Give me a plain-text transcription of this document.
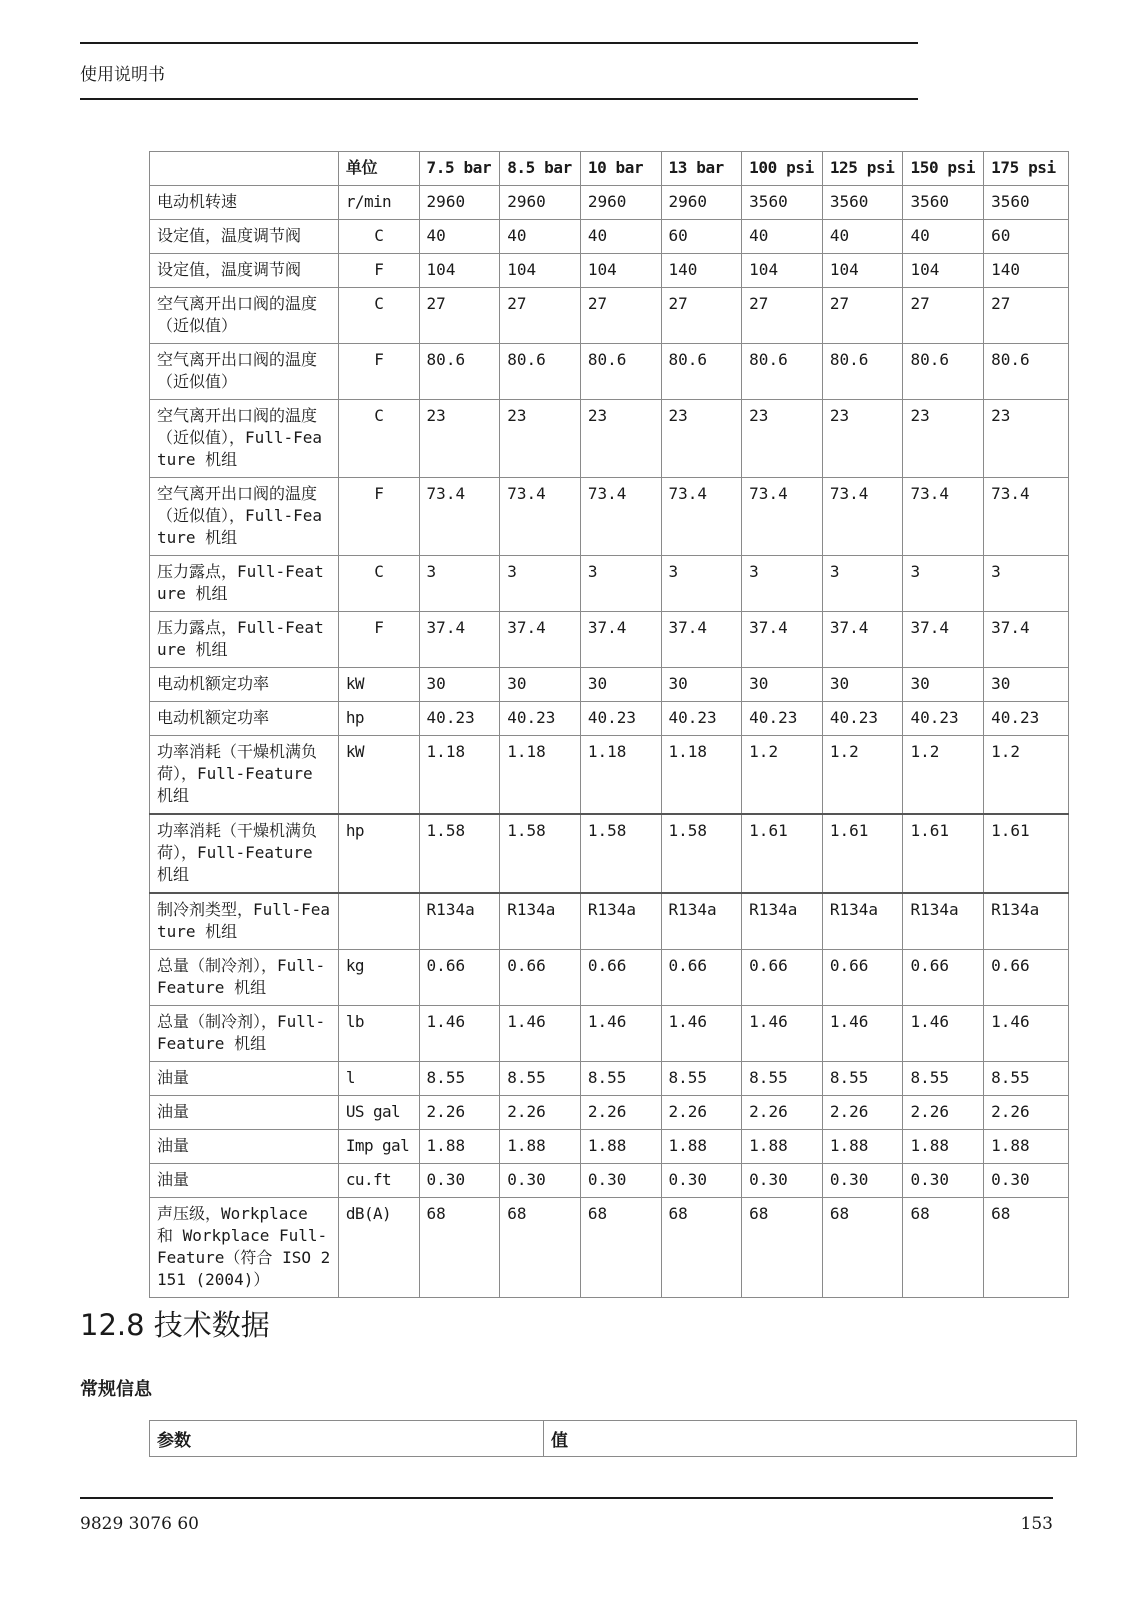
使用说明书
	单位	7.5 bar	8.5 bar	10 bar	13 bar	100 psi	125 psi	150 psi	175 psi
电动机转速	r/min	2960	2960	2960	2960	3560	3560	3560	3560
设定值，温度调节阀	C	40	40	40	60	40	40	40	60
设定值，温度调节阀	F	104	104	104	140	104	104	104	140
空气离开出口阀的温度（近似值）	C	27	27	27	27	27	27	27	27
空气离开出口阀的温度（近似值）	F	80.6	80.6	80.6	80.6	80.6	80.6	80.6	80.6
空气离开出口阀的温度（近似值），Full-Feature 机组	C	23	23	23	23	23	23	23	23
空气离开出口阀的温度（近似值），Full-Feature 机组	F	73.4	73.4	73.4	73.4	73.4	73.4	73.4	73.4
压力露点，Full-Feature 机组	C	3	3	3	3	3	3	3	3
压力露点，Full-Feature 机组	F	37.4	37.4	37.4	37.4	37.4	37.4	37.4	37.4
电动机额定功率	kW	30	30	30	30	30	30	30	30
电动机额定功率	hp	40.23	40.23	40.23	40.23	40.23	40.23	40.23	40.23
功率消耗（干燥机满负荷），Full-Feature 机组	kW	1.18	1.18	1.18	1.18	1.2	1.2	1.2	1.2
功率消耗（干燥机满负荷），Full-Feature 机组	hp	1.58	1.58	1.58	1.58	1.61	1.61	1.61	1.61
制冷剂类型，Full-Feature 机组		R134a	R134a	R134a	R134a	R134a	R134a	R134a	R134a
总量（制冷剂），Full-Feature 机组	kg	0.66	0.66	0.66	0.66	0.66	0.66	0.66	0.66
总量（制冷剂），Full-Feature 机组	lb	1.46	1.46	1.46	1.46	1.46	1.46	1.46	1.46
油量	l	8.55	8.55	8.55	8.55	8.55	8.55	8.55	8.55
油量	US gal	2.26	2.26	2.26	2.26	2.26	2.26	2.26	2.26
油量	Imp gal	1.88	1.88	1.88	1.88	1.88	1.88	1.88	1.88
油量	cu.ft	0.30	0.30	0.30	0.30	0.30	0.30	0.30	0.30
声压级，Workplace 和 Workplace Full-Feature（符合 ISO 2151 (2004)）	dB(A)	68	68	68	68	68	68	68	68
12.8 技术数据
常规信息
参数	值
9829 3076 60	153
